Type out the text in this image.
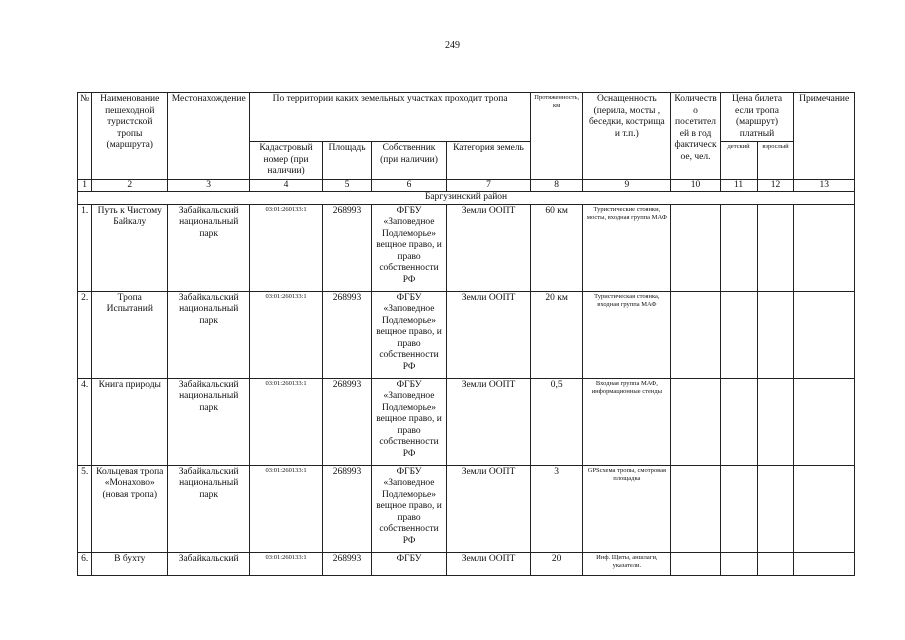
249
№	Наименование пешеходной туристской тропы (маршрута)	Местонахождение	По территории каких земельных участках проходит тропа				Протяженность, км	Оснащенность (перила, мосты , беседки, кострища и т.п.)	Количество посетителей в год фактическое, чел.	Цена билета если тропа (маршрут) платный		Примечание
			Кадастровый номер (при наличии)	Площадь	Собственник (при наличии)	Категория земель				детский	взрослый	
1	2	3	4	5	6	7	8	9	10	11	12	13
Баргузинский район												
1.	Путь к Чистому Байкалу	Забайкальский национальный парк	03:01:260133:1	268993	ФГБУ «Заповедное Подлеморье» вещное право, и право собственности РФ	Земли ООПТ	60 км	Туристические стоянки, мосты, входная группа МАФ				
2.	Тропа Испытаний	Забайкальский национальный парк	03:01:260133:1	268993	ФГБУ «Заповедное Подлеморье» вещное право, и право собственности РФ	Земли ООПТ	20 км	Туристическая стоянка, входная группа МАФ				
4.	Книга природы	Забайкальский национальный парк	03:01:260133:1	268993	ФГБУ «Заповедное Подлеморье» вещное право, и право собственности РФ	Земли ООПТ	0,5	Входная группа МАФ, информационные стенды				
5.	Кольцевая тропа «Монахово» (новая тропа)	Забайкальский национальный парк	03:01:260133:1	268993	ФГБУ «Заповедное Подлеморье» вещное право, и право собственности РФ	Земли ООПТ	3	GPSсхема тропы, смотровая площадка				
6.	В бухту	Забайкальский	03:01:260133:1	268993	ФГБУ	Земли ООПТ	20	Инф. Щиты, аншлаги, указатели.				
